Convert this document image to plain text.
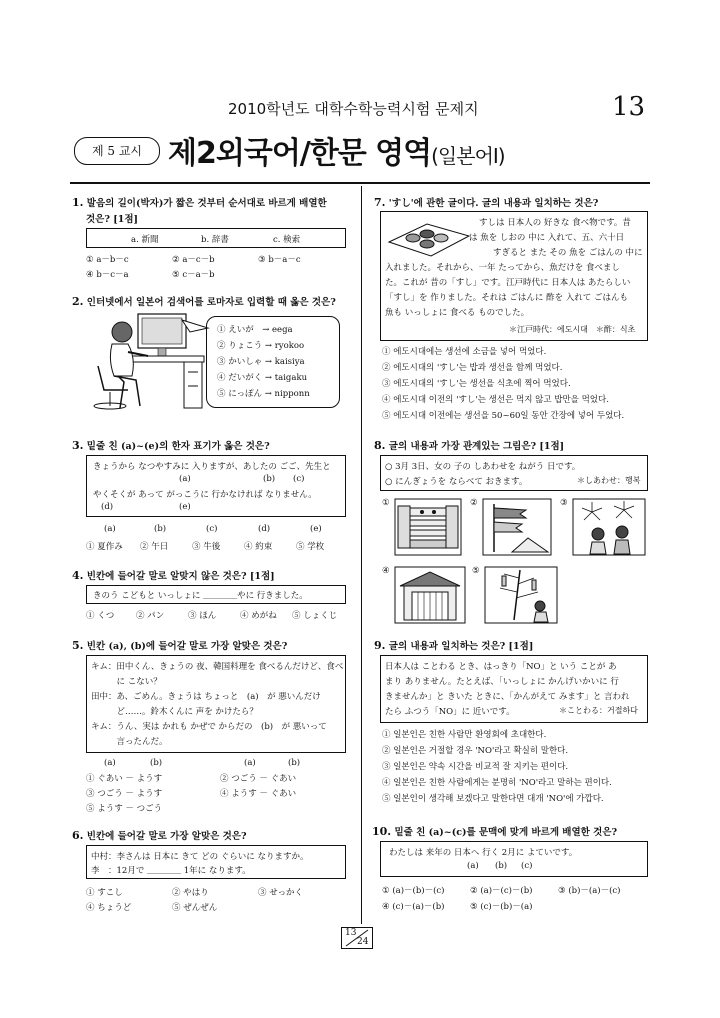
2010학년도 대학수학능력시험 문제지	13
제 5 교시 제2외국어/한문 영역(일본어Ⅰ)
1. 발음의 길이(박자)가 짧은 것부터 순서대로 바르게 배열한
것은? [1점]
a. 新聞	b. 辞書	c. 検索
① a－b－c	② a－c－b	③ b－a－c
④ b－c－a	⑤ c－a－b
2. 인터넷에서 일본어 검색어를 로마자로 입력할 때 옳은 것은?
① えいが　→ eega
② りょこう → ryokoo
③ かいしゃ → kaisiya
④ だいがく → taigaku
⑤ にっぽん → nipponn
3. 밑줄 친 (a)~(e)의 한자 표기가 옳은 것은?
きょうから なつやすみに 入りますが、あしたの ごご、先生と
(a)	(b) (c)
やくそくが あって がっこうに 行かなければ なりません。
(d)	(e)
(a)	(b)	(c)	(d)	(e)
① 夏作み ② 午日	③ 牛後	④ 約束	⑤ 学枚
4. 빈칸에 들어갈 말로 알맞지 않은 것은? [1점]
きのう こどもと いっしょに ＿＿＿＿やに 行きました。
① くつ	② パン	③ ほん	④ めがね ⑤ しょくじ
5. 빈칸 (a), (b)에 들어갈 말로 가장 알맞은 것은?
キム：田中くん、きょうの 夜、韓国料理を 食べるんだけど、食べ
　　　に こない？
田中：あ、ごめん。きょうは ちょっと　(a)　が 悪いんだけ
　　　ど……。鈴木くんに 声を かけたら？
キム：うん、実は かれも かぜで からだの　(b)　が 悪いって
　　　言ったんだ。
(a)	(b)	(a)	(b)
① ぐあい － ようす	② つごう － ぐあい
③ つごう － ようす	④ ようす － ぐあい
⑤ ようす － つごう
6. 빈칸에 들어갈 말로 가장 알맞은 것은?
中村：李さんは 日本に きて どの ぐらいに なりますか。
李　：12月で ＿＿＿＿ 1年に なります。
① すこし	② やはり	③ せっかく
④ ちょうど	⑤ ぜんぜん
7. 'すし'에 관한 글이다. 글의 내용과 일치하는 것은?
すしは 日本人の 好きな 食べ物です。昔
は 魚を しおの 中に 入れて、五、六十日
すぎると また その 魚を ごはんの 中に
入れました。それから、一年 たってから、魚だけを 食べまし
た。これが 昔の「すし」です。江戸時代に 日本人は あたらしい
「すし」を 作りました。それは ごはんに 酢を 入れて ごはんも
魚も いっしょに 食べる ものでした。
＊江戸時代：에도시대　＊酢：식초
① 에도시대에는 생선에 소금을 넣어 먹었다.
② 에도시대의 'すし'는 밥과 생선을 함께 먹었다.
③ 에도시대의 'すし'는 생선을 식초에 찍어 먹었다.
④ 에도시대 이전의 'すし'는 생선은 먹지 않고 밥만을 먹었다.
⑤ 에도시대 이전에는 생선을 50~60일 동안 간장에 넣어 두었다.
8. 글의 내용과 가장 관계있는 그림은? [1점]
○ 3月 3日、女の 子の しあわせを ねがう 日です。
○ にんぎょうを ならべて おきます。	＊しあわせ：행복
①	②	③
④	⑤
9. 글의 내용과 일치하는 것은? [1점]
日本人は ことわる とき、はっきり「NO」と いう ことが あ
まり ありません。たとえば、「いっしょに かんげいかいに 行
きませんか」と きいた ときに、「かんがえて みます」と 言われ
たら ふつう「NO」に 近いです。	＊ことわる：거절하다
① 일본인은 친한 사람만 환영회에 초대한다.
② 일본인은 거절할 경우 'NO'라고 확실히 말한다.
③ 일본인은 약속 시간을 비교적 잘 지키는 편이다.
④ 일본인은 친한 사람에게는 분명히 'NO'라고 말하는 편이다.
⑤ 일본인이 생각해 보겠다고 말한다면 대개 'NO'에 가깝다.
10. 밑줄 친 (a)~(c)를 문맥에 맞게 바르게 배열한 것은?
わたしは 来年の 日本へ 行く 2月に よていです。
(a) (b) (c)
① (a)－(b)－(c)	② (a)－(c)－(b)	③ (b)－(a)－(c)
④ (c)－(a)－(b)	⑤ (c)－(b)－(a)
13
24
